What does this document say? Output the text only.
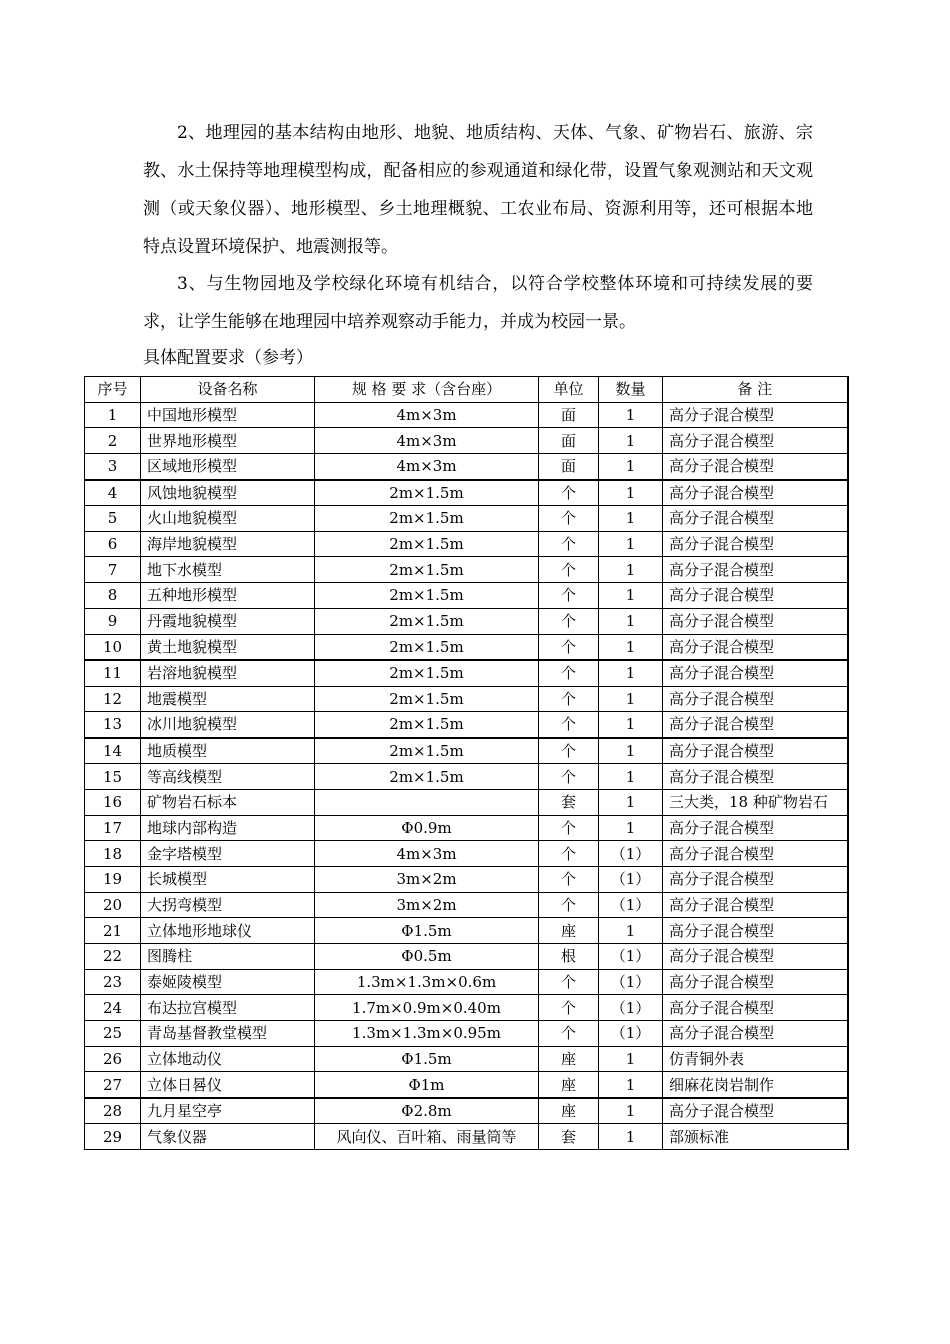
2、地理园的基本结构由地形、地貌、地质结构、天体、气象、矿物岩石、旅游、宗教、水土保持等地理模型构成，配备相应的参观通道和绿化带，设置气象观测站和天文观测（或天象仪器）、地形模型、乡土地理概貌、工农业布局、资源利用等，还可根据本地特点设置环境保护、地震测报等。

3、与生物园地及学校绿化环境有机结合，以符合学校整体环境和可持续发展的要求，让学生能够在地理园中培养观察动手能力，并成为校园一景。

具体配置要求（参考）

序号	设备名称	规 格 要 求（含台座）	单位	数量	备 注
1	中国地形模型	4m×3m	面	1	高分子混合模型
2	世界地形模型	4m×3m	面	1	高分子混合模型
3	区域地形模型	4m×3m	面	1	高分子混合模型
4	风蚀地貌模型	2m×1.5m	个	1	高分子混合模型
5	火山地貌模型	2m×1.5m	个	1	高分子混合模型
6	海岸地貌模型	2m×1.5m	个	1	高分子混合模型
7	地下水模型	2m×1.5m	个	1	高分子混合模型
8	五种地形模型	2m×1.5m	个	1	高分子混合模型
9	丹霞地貌模型	2m×1.5m	个	1	高分子混合模型
10	黄土地貌模型	2m×1.5m	个	1	高分子混合模型
11	岩溶地貌模型	2m×1.5m	个	1	高分子混合模型
12	地震模型	2m×1.5m	个	1	高分子混合模型
13	冰川地貌模型	2m×1.5m	个	1	高分子混合模型
14	地质模型	2m×1.5m	个	1	高分子混合模型
15	等高线模型	2m×1.5m	个	1	高分子混合模型
16	矿物岩石标本		套	1	三大类，18 种矿物岩石
17	地球内部构造	Φ0.9m	个	1	高分子混合模型
18	金字塔模型	4m×3m	个	（1）	高分子混合模型
19	长城模型	3m×2m	个	（1）	高分子混合模型
20	大拐弯模型	3m×2m	个	（1）	高分子混合模型
21	立体地形地球仪	Φ1.5m	座	1	高分子混合模型
22	图腾柱	Φ0.5m	根	（1）	高分子混合模型
23	泰姬陵模型	1.3m×1.3m×0.6m	个	（1）	高分子混合模型
24	布达拉宫模型	1.7m×0.9m×0.40m	个	（1）	高分子混合模型
25	青岛基督教堂模型	1.3m×1.3m×0.95m	个	（1）	高分子混合模型
26	立体地动仪	Φ1.5m	座	1	仿青铜外表
27	立体日晷仪	Φ1m	座	1	细麻花岗岩制作
28	九月星空亭	Φ2.8m	座	1	高分子混合模型
29	气象仪器	风向仪、百叶箱、雨量筒等	套	1	部颁标准
